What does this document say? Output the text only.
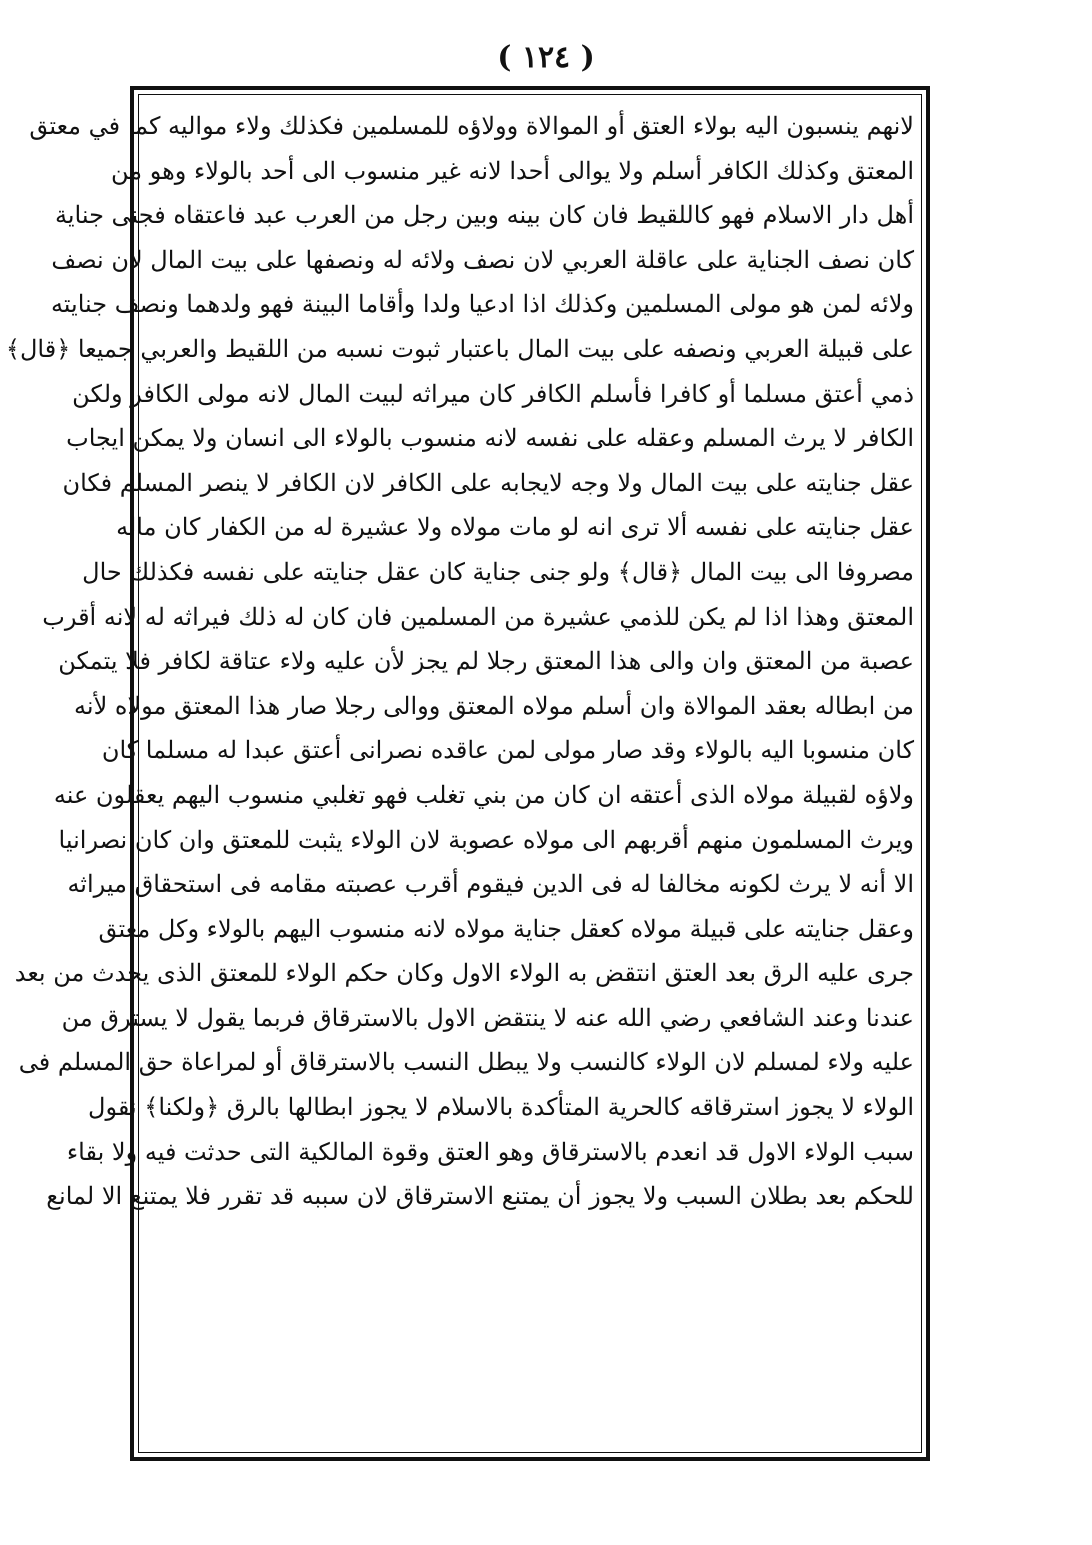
( ١٢٤ )
لانهم ينسبون اليه بولاء العتق أو الموالاة وولاؤه للمسلمين فكذلك ولاء مواليه كما في معتق
المعتق وكذلك الكافر أسلم ولا يوالى أحدا لانه غير منسوب الى أحد بالولاء وهو من
أهل دار الاسلام فهو كاللقيط فان كان بينه وبين رجل من العرب عبد فاعتقاه فجنى جناية
كان نصف الجناية على عاقلة العربي لان نصف ولائه له ونصفها على بيت المال لان نصف
ولائه لمن هو مولى المسلمين وكذلك اذا ادعيا ولدا وأقاما البينة فهو ولدهما ونصف جنايته
على قبيلة العربي ونصفه على بيت المال باعتبار ثبوت نسبه من اللقيط والعربي جميعا ﴿قال﴾
ذمي أعتق مسلما أو كافرا فأسلم الكافر كان ميراثه لبيت المال لانه مولى الكافر ولكن
الكافر لا يرث المسلم وعقله على نفسه لانه منسوب بالولاء الى انسان ولا يمكن ايجاب
عقل جنايته على بيت المال ولا وجه لايجابه على الكافر لان الكافر لا ينصر المسلم فكان
عقل جنايته على نفسه ألا ترى انه لو مات مولاه ولا عشيرة له من الكفار كان ماله
مصروفا الى بيت المال ﴿قال﴾ ولو جنى جناية كان عقل جنايته على نفسه فكذلك حال
المعتق وهذا اذا لم يكن للذمي عشيرة من المسلمين فان كان له ذلك فيراثه له لانه أقرب
عصبة من المعتق وان والى هذا المعتق رجلا لم يجز لأن عليه ولاء عتاقة لكافر فلا يتمكن
من ابطاله بعقد الموالاة وان أسلم مولاه المعتق ووالى رجلا صار هذا المعتق مولاه لأنه
كان منسوبا اليه بالولاء وقد صار مولى لمن عاقده نصرانى أعتق عبدا له مسلما كان
ولاؤه لقبيلة مولاه الذى أعتقه ان كان من بني تغلب فهو تغلبي منسوب اليهم يعقلون عنه
ويرث المسلمون منهم أقربهم الى مولاه عصوبة لان الولاء يثبت للمعتق وان كان نصرانيا
الا أنه لا يرث لكونه مخالفا له فى الدين فيقوم أقرب عصبته مقامه فى استحقاق ميراثه
وعقل جنايته على قبيلة مولاه كعقل جناية مولاه لانه منسوب اليهم بالولاء وكل معتق
جرى عليه الرق بعد العتق انتقض به الولاء الاول وكان حكم الولاء للمعتق الذى يحدث من بعد
عندنا وعند الشافعي رضي الله عنه لا ينتقض الاول بالاسترقاق فربما يقول لا يسترق من
عليه ولاء لمسلم لان الولاء كالنسب ولا يبطل النسب بالاسترقاق أو لمراعاة حق المسلم فى
الولاء لا يجوز استرقاقه كالحرية المتأكدة بالاسلام لا يجوز ابطالها بالرق ﴿ولكنا﴾ نقول
سبب الولاء الاول قد انعدم بالاسترقاق وهو العتق وقوة المالكية التى حدثت فيه ولا بقاء
للحكم بعد بطلان السبب ولا يجوز أن يمتنع الاسترقاق لان سببه قد تقرر فلا يمتنع الا لمانع
